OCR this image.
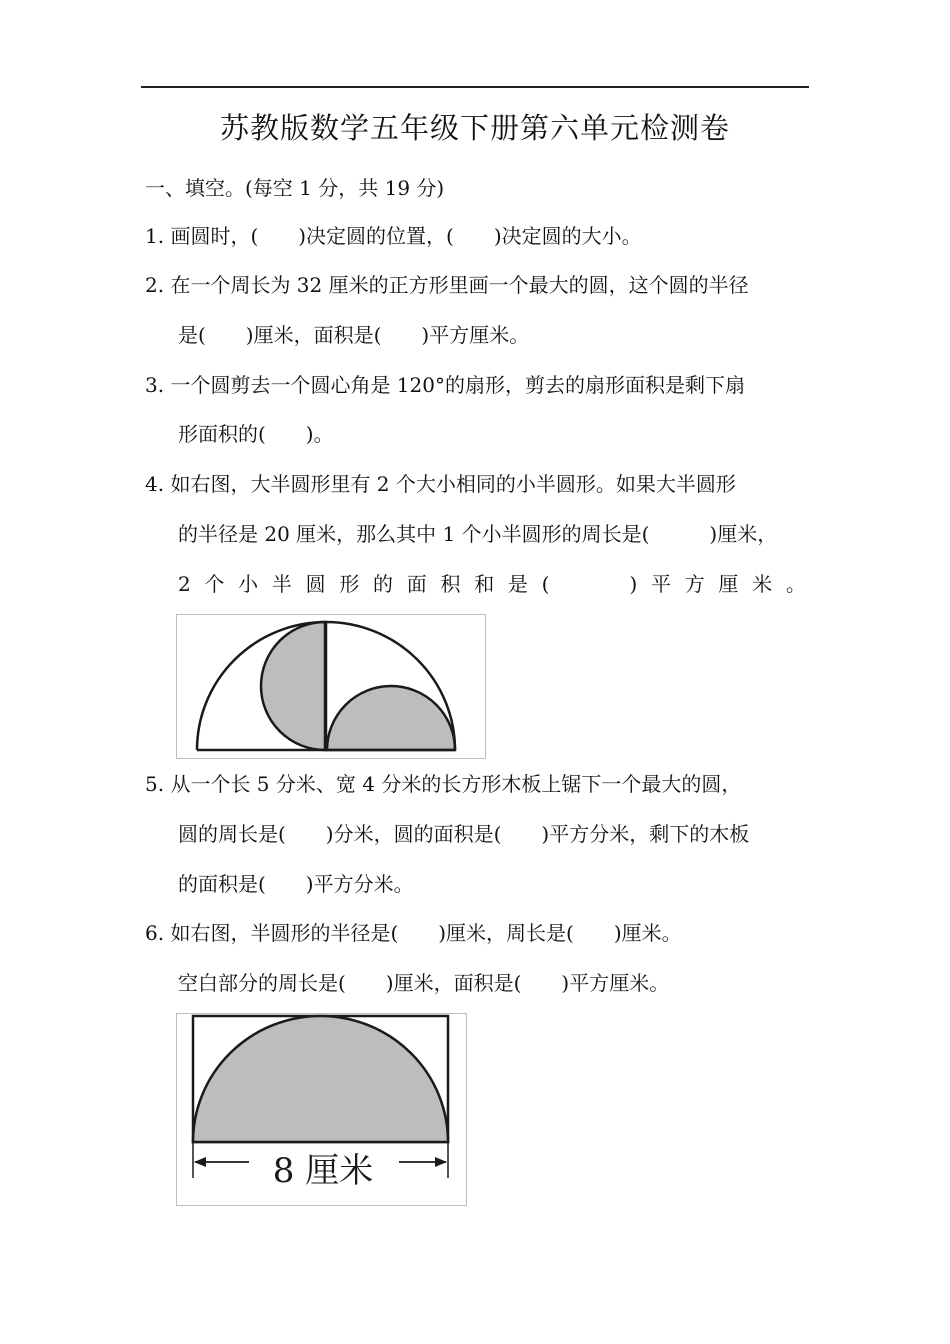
苏教版数学五年级下册第六单元检测卷
一、填空。(每空 1 分，共 19 分)
1. 画圆时，(　　)决定圆的位置，(　　)决定圆的大小。
2. 在一个周长为 32 厘米的正方形里画一个最大的圆，这个圆的半径
是(　　)厘米，面积是(　　)平方厘米。
3. 一个圆剪去一个圆心角是 120°的扇形，剪去的扇形面积是剩下扇
形面积的(　　)。
4. 如右图，大半圆形里有 2 个大小相同的小半圆形。如果大半圆形
的半径是 20 厘米，那么其中 1 个小半圆形的周长是(　　　)厘米，
2 个 小 半 圆 形 的 面 积 和 是 (　　　　) 平 方 厘 米 。
5. 从一个长 5 分米、宽 4 分米的长方形木板上锯下一个最大的圆，
圆的周长是(　　)分米，圆的面积是(　　)平方分米，剩下的木板
的面积是(　　)平方分米。
6. 如右图，半圆形的半径是(　　)厘米，周长是(　　)厘米。
空白部分的周长是(　　)厘米，面积是(　　)平方厘米。
8 厘米
